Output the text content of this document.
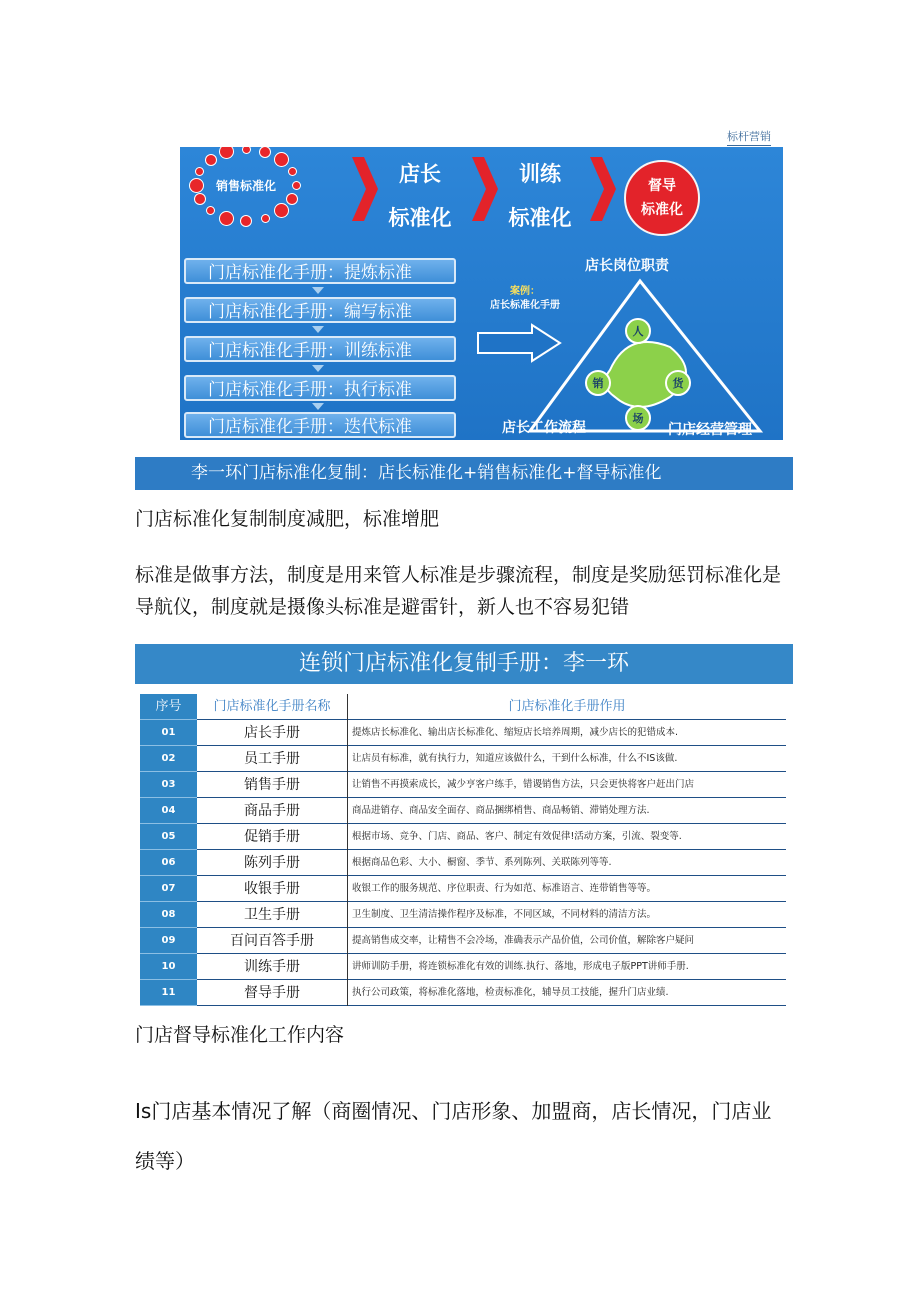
标杆营销
销售标准化	店长
标准化
训练
标准化
督导
标准化
门店标准化手册：提炼标准
门店标准化手册：编写标准
门店标准化手册：训练标准
门店标准化手册：执行标准
门店标准化手册：迭代标准
案例：
店长标准化手册
人
销	货
场
店长岗位职责
店长工作流程	门店经营管理
李一环门店标准化复制：店长标准化+销售标准化+督导标准化
门店标准化复制制度减肥，标准增肥
标准是做事方法，制度是用来管人标准是步骤流程，制度是奖励惩罚标准化是导航仪，制度就是摄像头标准是避雷针，新人也不容易犯错
连锁门店标准化复制手册：李一环
序号	门店标准化手册名称	门店标准化手册作用
01	店长手册	提炼店长标准化、输出店长标准化、缩短店长培养周期，减少店长的犯错成本.
02	员工手册	让店员有标准，就有执行力，知道应该做什么，干到什么标准，什么不IS该做.
03	销售手册	让销售不再摸索成长，减少亨客户练手，错谡销售方法，只会更快将客户赶出门店
04	商品手册	商品进销存、商品安全面存、商品捆绑梢售、商品畅销、滞销处理方法.
05	促销手册	根据市场、竞争、门店、商品、客户、制定有效促律!活动方案，引流、裂变等.
06	陈列手册	根据商品色彩、大小、橱窗、季节、系列陈列、关联陈列等等.
07	收银手册	收银工作的服务规范、序位职责、行为如范、标准语言、连带销售等等。
08	卫生手册	卫生制度、卫生清洁操作程序及标准，不同区域，不同材料的清洁方法。
09	百问百答手册	提高销售成交率，让精售不会冷场，准确表示产品价值，公司价值，解除客户疑问
10	训练手册	讲师训防手册，将连锁标准化有效的训练.执行、落地，形成电子版PPT讲师手册.
11	督导手册	执行公司政策，将标准化落地，检责标准化，辅导员工技能，握升门店业绩.
门店督导标准化工作内容
Is门店基本情况了解（商圈情况、门店形象、加盟商，店长情况，门店业绩等）
